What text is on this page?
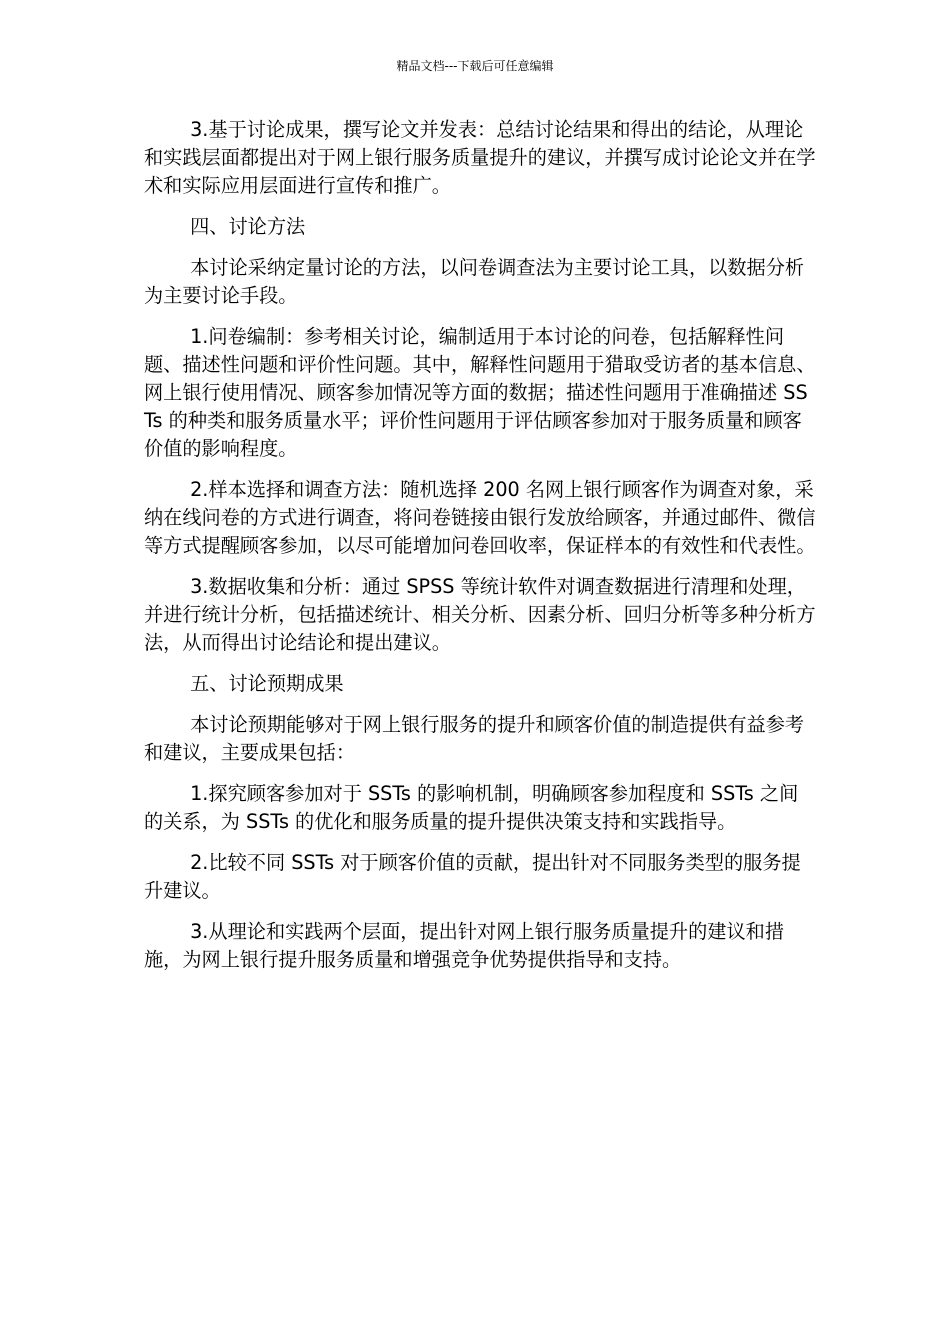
精品文档---下载后可任意编辑

3.基于讨论成果，撰写论文并发表：总结讨论结果和得出的结论，从理论和实践层面都提出对于网上银行服务质量提升的建议，并撰写成讨论论文并在学术和实际应用层面进行宣传和推广。

四、讨论方法

本讨论采纳定量讨论的方法，以问卷调查法为主要讨论工具，以数据分析为主要讨论手段。

1.问卷编制：参考相关讨论，编制适用于本讨论的问卷，包括解释性问题、描述性问题和评价性问题。其中，解释性问题用于猎取受访者的基本信息、网上银行使用情况、顾客参加情况等方面的数据；描述性问题用于准确描述 SSTs 的种类和服务质量水平；评价性问题用于评估顾客参加对于服务质量和顾客价值的影响程度。

2.样本选择和调查方法：随机选择 200 名网上银行顾客作为调查对象，采纳在线问卷的方式进行调查，将问卷链接由银行发放给顾客，并通过邮件、微信等方式提醒顾客参加，以尽可能增加问卷回收率，保证样本的有效性和代表性。

3.数据收集和分析：通过 SPSS 等统计软件对调查数据进行清理和处理，并进行统计分析，包括描述统计、相关分析、因素分析、回归分析等多种分析方法，从而得出讨论结论和提出建议。

五、讨论预期成果

本讨论预期能够对于网上银行服务的提升和顾客价值的制造提供有益参考和建议，主要成果包括：

1.探究顾客参加对于 SSTs 的影响机制，明确顾客参加程度和 SSTs 之间的关系，为 SSTs 的优化和服务质量的提升提供决策支持和实践指导。

2.比较不同 SSTs 对于顾客价值的贡献，提出针对不同服务类型的服务提升建议。

3.从理论和实践两个层面，提出针对网上银行服务质量提升的建议和措施，为网上银行提升服务质量和增强竞争优势提供指导和支持。
